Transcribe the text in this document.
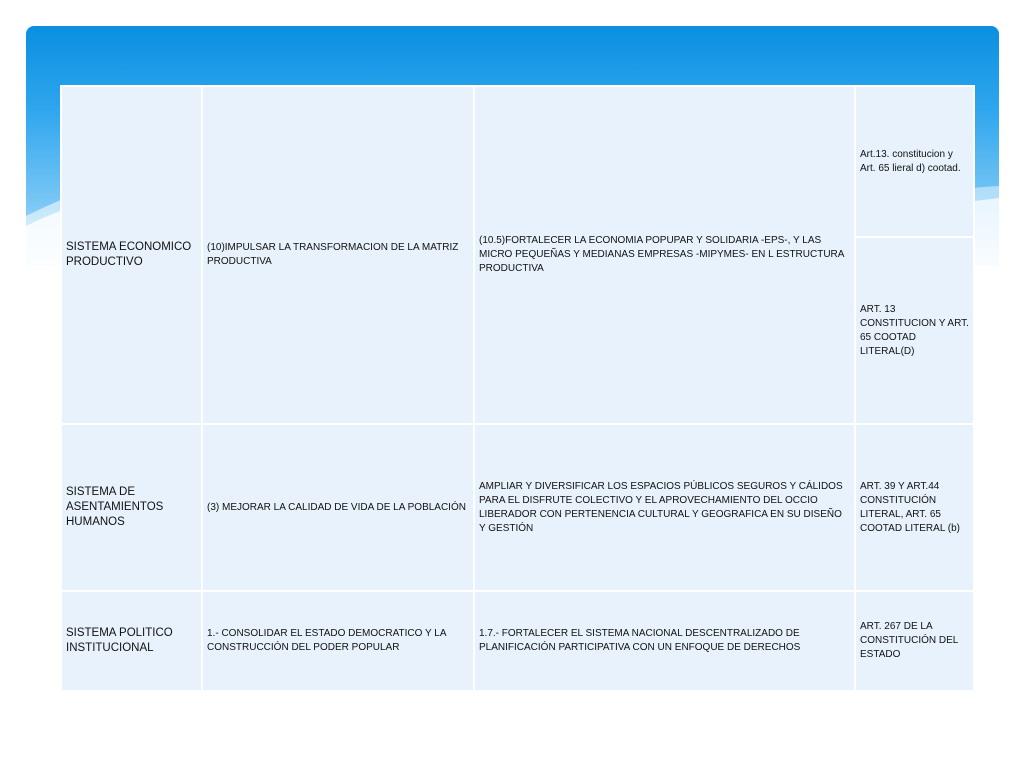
SISTEMA ECONOMICO PRODUCTIVO	(10)IMPULSAR LA TRANSFORMACION DE LA MATRIZ PRODUCTIVA	(10.5)FORTALECER LA ECONOMIA POPUPAR Y SOLIDARIA -EPS-, Y LAS MICRO PEQUEÑAS Y MEDIANAS EMPRESAS -MIPYMES- EN L ESTRUCTURA PRODUCTIVA	Art.13. constitucion y Art. 65 lieral d) cootad.

			ART. 13 CONSTITUCION Y ART. 65 COOTAD LITERAL(D)

SISTEMA DE ASENTAMIENTOS HUMANOS	(3) MEJORAR LA CALIDAD DE VIDA DE LA POBLACIÓN	AMPLIAR Y DIVERSIFICAR LOS ESPACIOS PÚBLICOS SEGUROS Y CÁLIDOS PARA EL DISFRUTE COLECTIVO Y EL APROVECHAMIENTO DEL OCCIO LIBERADOR CON PERTENENCIA CULTURAL Y GEOGRAFICA EN SU DISEÑO Y GESTIÓN	ART. 39 Y ART.44 CONSTITUCIÓN LITERAL, ART. 65 COOTAD LITERAL (b)

SISTEMA POLITICO INSTITUCIONAL	1.- CONSOLIDAR EL ESTADO DEMOCRATICO Y LA CONSTRUCCIÓN DEL PODER POPULAR	1.7.- FORTALECER EL SISTEMA NACIONAL DESCENTRALIZADO DE PLANIFICACIÓN PARTICIPATIVA CON UN ENFOQUE DE DERECHOS	ART. 267 DE LA CONSTITUCIÓN DEL ESTADO
